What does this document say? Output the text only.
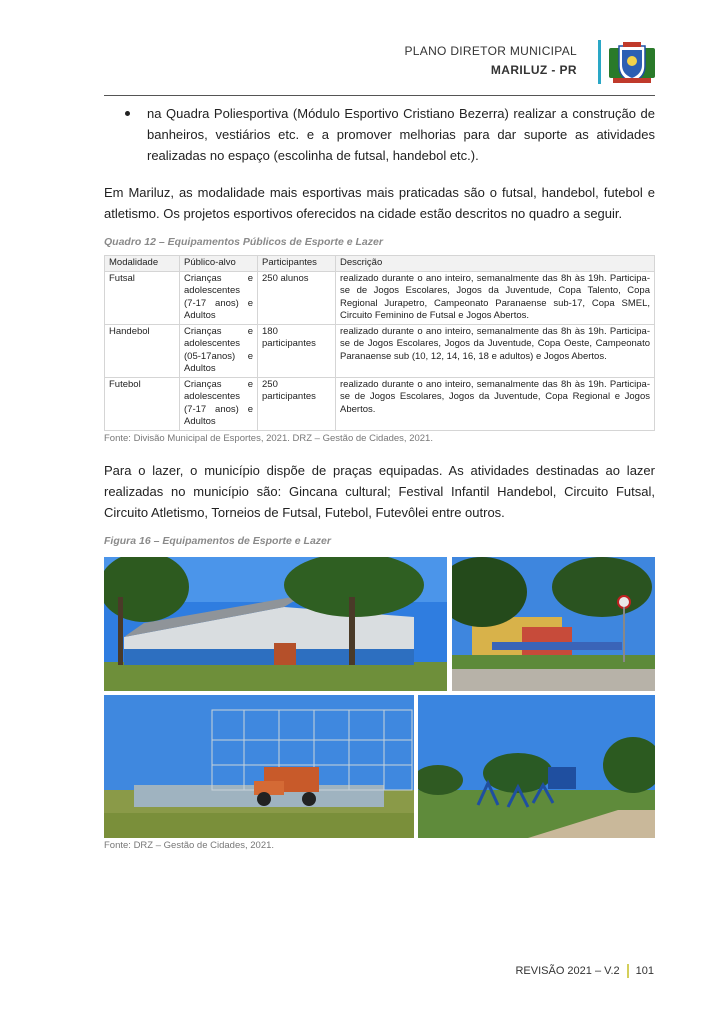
PLANO DIRETOR MUNICIPAL
MARILUZ - PR
na Quadra Poliesportiva (Módulo Esportivo Cristiano Bezerra) realizar a construção de banheiros, vestiários etc. e a promover melhorias para dar suporte as atividades realizadas no espaço (escolinha de futsal, handebol etc.).
Em Mariluz, as modalidade mais esportivas mais praticadas são o futsal, handebol, futebol e atletismo. Os projetos esportivos oferecidos na cidade estão descritos no quadro a seguir.
Quadro 12 – Equipamentos Públicos de Esporte e Lazer
Modalidade	Público-alvo	Participantes	Descrição
Futsal	Crianças e adolescentes (7-17 anos) e Adultos	250 alunos	realizado durante o ano inteiro, semanalmente das 8h às 19h. Participa-se de Jogos Escolares, Jogos da Juventude, Copa Talento, Copa Regional Jurapetro, Campeonato Paranaense sub-17, Copa SMEL, Circuito Feminino de Futsal e Jogos Abertos.
Handebol	Crianças e adolescentes (05-17anos) e Adultos	180 participantes	realizado durante o ano inteiro, semanalmente das 8h às 19h. Participa-se de Jogos Escolares, Jogos da Juventude, Copa Oeste, Campeonato Paranaense sub (10, 12, 14, 16, 18 e adultos) e Jogos Abertos.
Futebol	Crianças e adolescentes (7-17 anos) e Adultos	250 participantes	realizado durante o ano inteiro, semanalmente das 8h às 19h. Participa-se de Jogos Escolares, Jogos da Juventude, Copa Regional e Jogos Abertos.
Fonte: Divisão Municipal de Esportes, 2021. DRZ – Gestão de Cidades, 2021.
Para o lazer, o município dispõe de praças equipadas. As atividades destinadas ao lazer realizadas no município são: Gincana cultural; Festival Infantil Handebol, Circuito Futsal, Circuito Atletismo, Torneios de Futsal, Futebol, Futevôlei entre outros.
Figura 16 – Equipamentos de Esporte e Lazer
Fonte: DRZ – Gestão de Cidades, 2021.
REVISÃO 2021 – V.2 101
